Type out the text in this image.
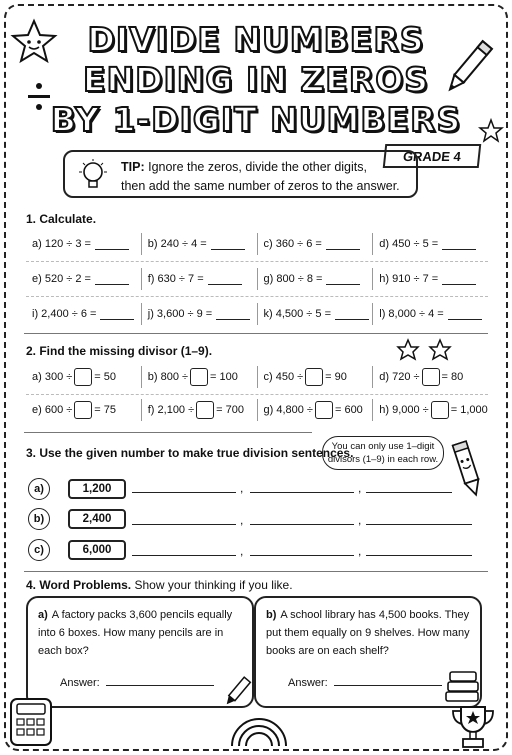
DIVIDE NUMBERS
ENDING IN ZEROS
BY 1-DIGIT NUMBERS
GRADE 4
TIP: Ignore the zeros, divide the other digits,
then add the same number of zeros to the answer.
1. Calculate.
a) 120 ÷ 3 =	b) 240 ÷ 4 =	c) 360 ÷ 6 =	d) 450 ÷ 5 =
e) 520 ÷ 2 =	f) 630 ÷ 7 =	g) 800 ÷ 8 =	h) 910 ÷ 7 =
i) 2,400 ÷ 6 =	j) 3,600 ÷ 9 =	k) 4,500 ÷ 5 =	l) 8,000 ÷ 4 =
2. Find the missing divisor (1–9).
a) 300 ÷ = 50	b) 800 ÷ = 100 c) 450 ÷ = 90	d) 720 ÷ = 80
e) 600 ÷ = 75	f) 2,100 ÷ = 700 g) 4,800 ÷ = 600 h) 9,000 ÷ = 1,000
3. Use the given number to make true division sentences.
You can only use 1–digit divisors (1–9) in each row.
a)	1,200	,	,
b)	2,400	,	,
c)	6,000	,	,
4. Word Problems. Show your thinking if you like.
a) A factory packs 3,600 pencils equally into 6 boxes. How many pencils are in each box?
Answer:
b) A school library has 4,500 books. They put them equally on 9 shelves. How many books are on each shelf?
Answer:
